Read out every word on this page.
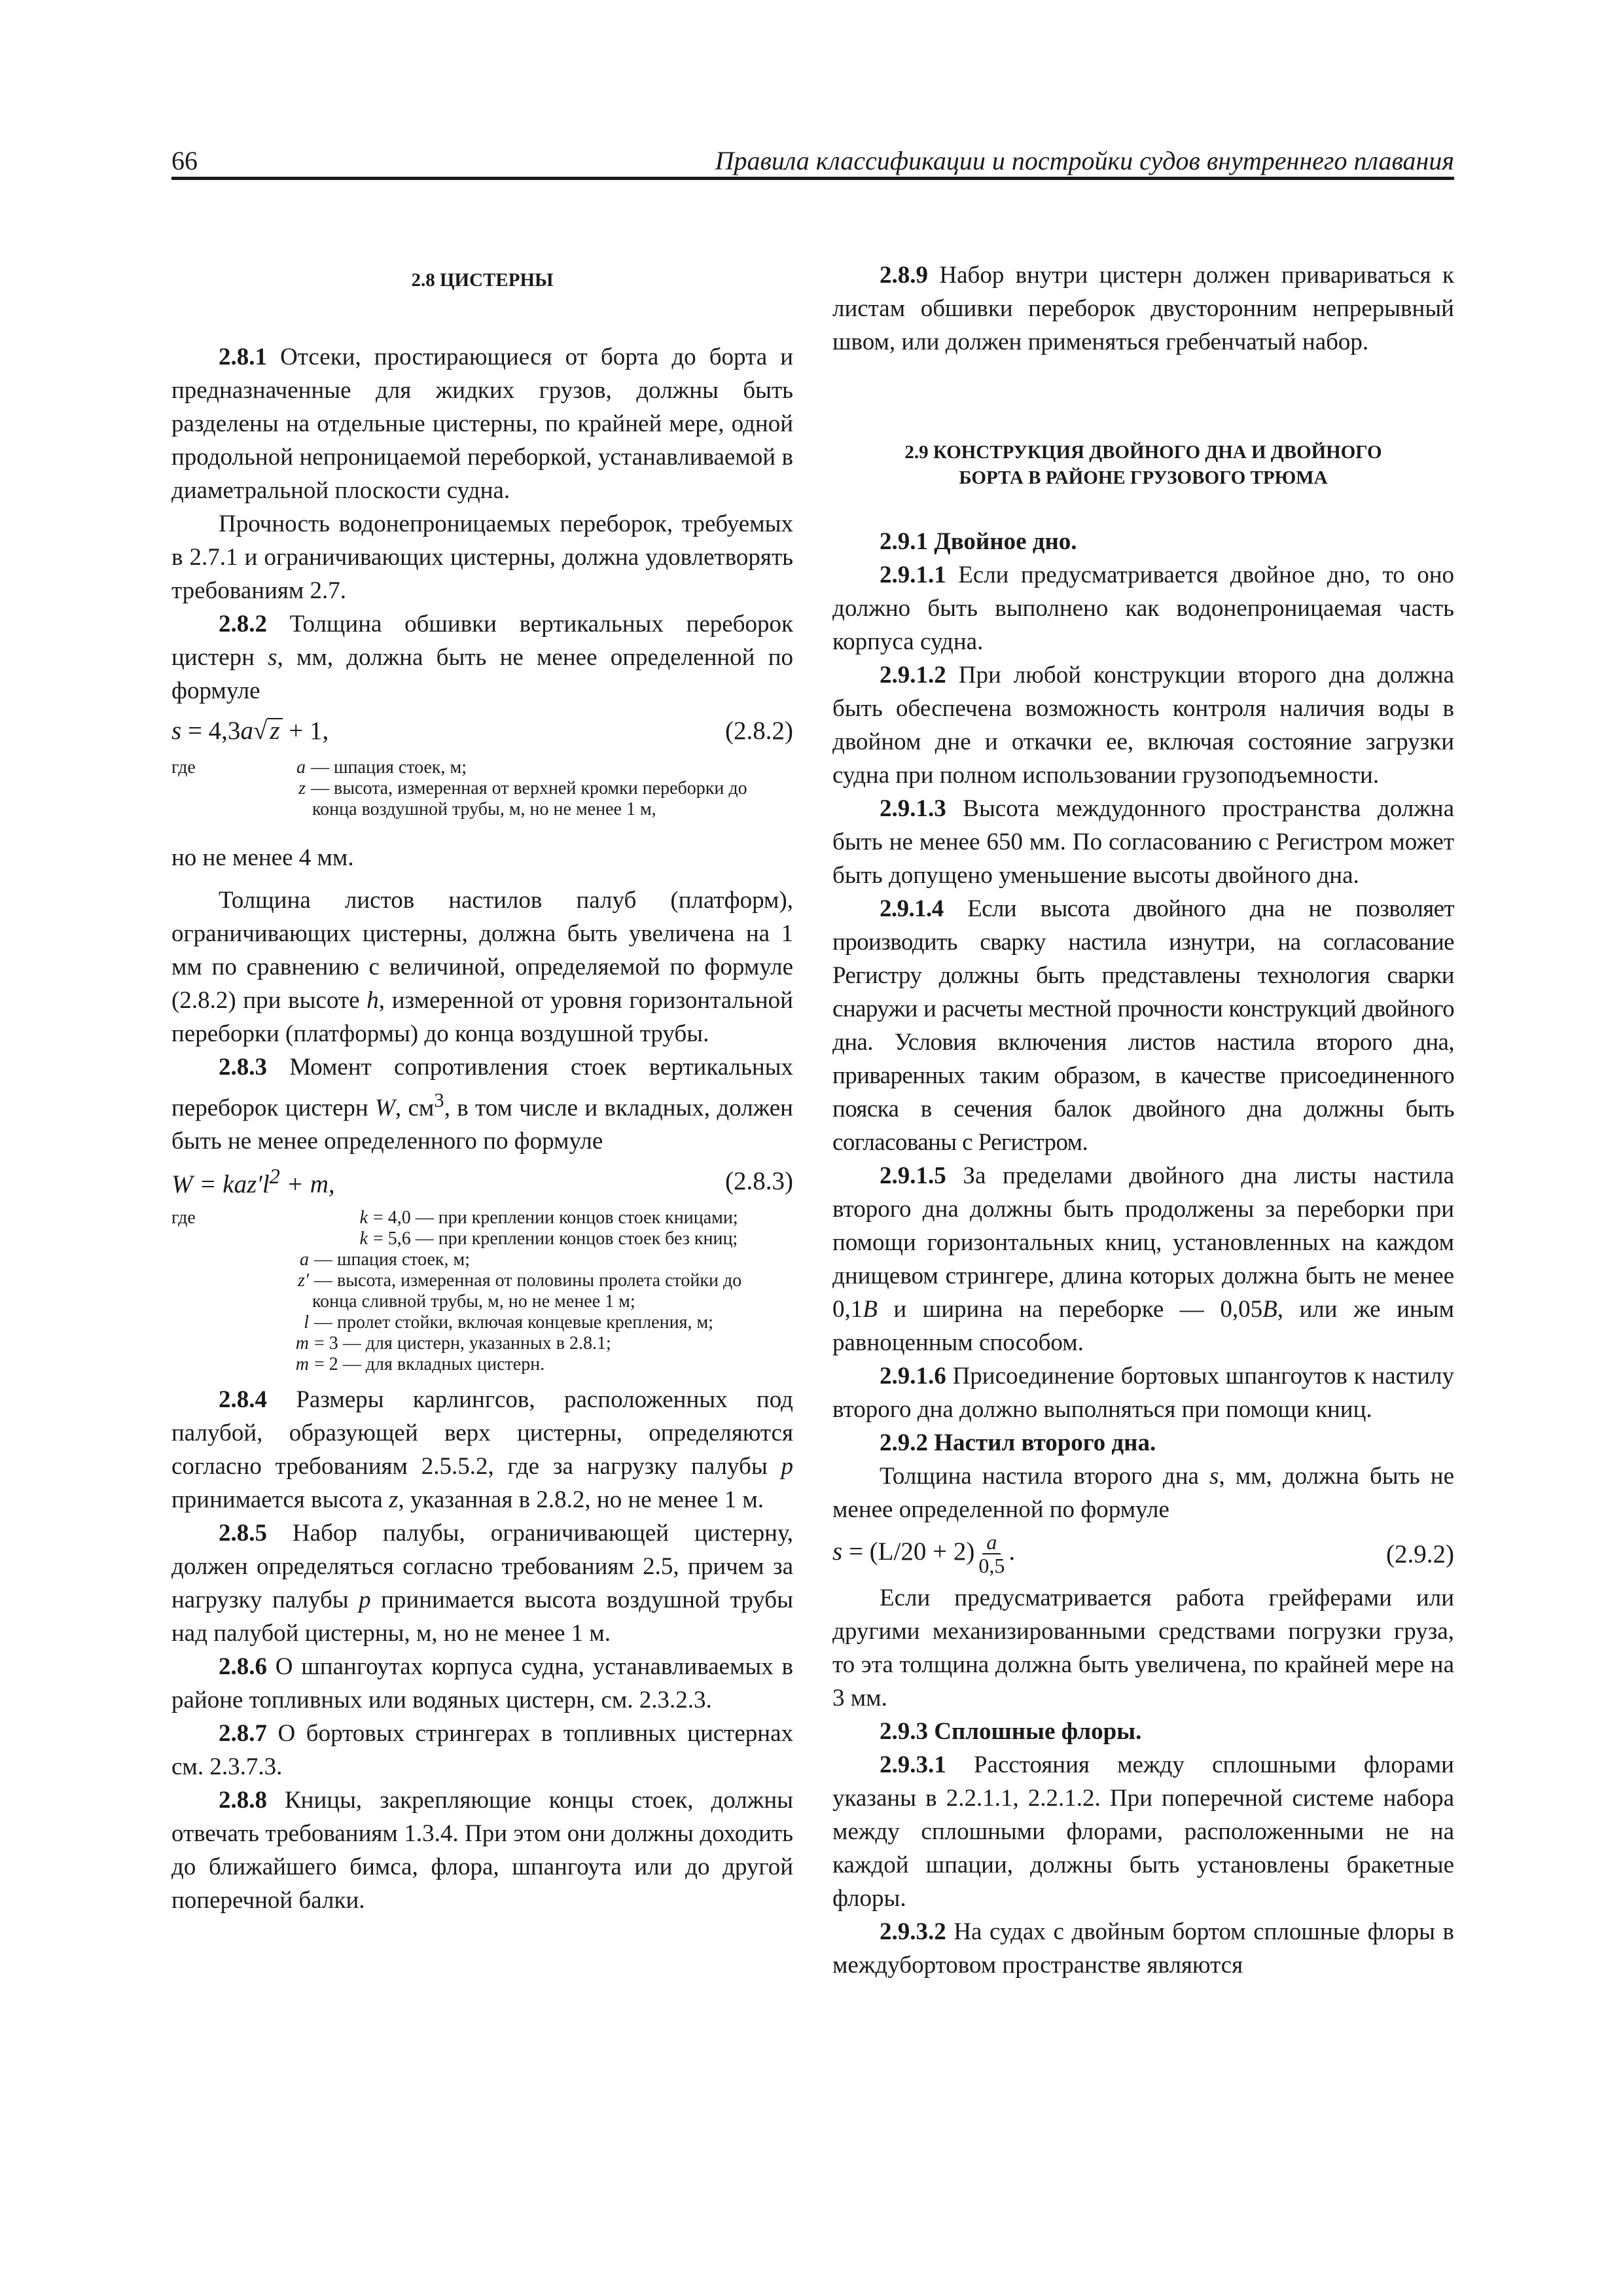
66	Правила классификации и постройки судов внутреннего плавания
2.8 ЦИСТЕРНЫ

2.8.1 Отсеки, простирающиеся от борта до борта и предназначенные для жидких грузов, должны быть разделены на отдельные цистерны, по крайней мере, одной продольной непроницаемой переборкой, устанавливаемой в диаметральной плоскости судна.

Прочность водонепроницаемых переборок, требуемых в 2.7.1 и ограничивающих цистерны, должна удовлетворять требованиям 2.7.

2.8.2 Толщина обшивки вертикальных переборок цистерн s, мм, должна быть не менее определенной по формуле

s = 4,3a√ z + 1,	(2.8.2)
где	a — шпация стоек, м;
z — высота, измеренная от верхней кромки переборки до
конца воздушной трубы, м, но не менее 1 м,

но не менее 4 мм.

Толщина листов настилов палуб (платформ), ограничивающих цистерны, должна быть увеличена на 1 мм по сравнению с величиной, определяемой по формуле (2.8.2) при высоте h, измеренной от уровня горизонтальной переборки (платформы) до конца воздушной трубы.

2.8.3 Момент сопротивления стоек вертикальных переборок цистерн W, $см^3$, в том числе и вкладных, должен быть не менее определенного по формуле

$W = kaz'l^2 + m$,	(2.8.3)
где	k = 4,0 — при креплении концов стоек кницами;
k = 5,6 — при креплении концов стоек без книц;
a — шпация стоек, м;
z′ — высота, измеренная от половины пролета стойки до
конца сливной трубы, м, но не менее 1 м;
l — пролет стойки, включая концевые крепления, м;
m = 3 — для цистерн, указанных в 2.8.1;
m = 2 — для вкладных цистерн.

2.8.4 Размеры карлингсов, расположенных под палубой, образующей верх цистерны, определяются согласно требованиям 2.5.5.2, где за нагрузку палубы p принимается высота z, указанная в 2.8.2, но не менее 1 м.

2.8.5 Набор палубы, ограничивающей цистерну, должен определяться согласно требованиям 2.5, причем за нагрузку палубы p принимается высота воздушной трубы над палубой цистерны, м, но не менее 1 м.

2.8.6 О шпангоутах корпуса судна, устанавливаемых в районе топливных или водяных цистерн, см. 2.3.2.3.

2.8.7 О бортовых стрингерах в топливных цистернах см. 2.3.7.3.

2.8.8 Кницы, закрепляющие концы стоек, должны отвечать требованиям 1.3.4. При этом они должны доходить до ближайшего бимса, флора, шпангоута или до другой поперечной балки.

2.8.9 Набор внутри цистерн должен привариваться к листам обшивки переборок двусторонним непрерывный швом, или должен применяться гребенчатый набор.

2.9 КОНСТРУКЦИЯ ДВОЙНОГО ДНА И ДВОЙНОГО
БОРТА В РАЙОНЕ ГРУЗОВОГО ТРЮМА

2.9.1 Двойное дно.

2.9.1.1 Если предусматривается двойное дно, то оно должно быть выполнено как водонепроницаемая часть корпуса судна.

2.9.1.2 При любой конструкции второго дна должна быть обеспечена возможность контроля наличия воды в двойном дне и откачки ее, включая состояние загрузки судна при полном использовании грузоподъемности.

2.9.1.3 Высота междудонного пространства должна быть не менее 650 мм. По согласованию с Регистром может быть допущено уменьшение высоты двойного дна.

2.9.1.4 Если высота двойного дна не позволяет производить сварку настила изнутри, на согласование Регистру должны быть представлены технология сварки снаружи и расчеты местной прочности конструкций двойного дна. Условия включения листов настила второго дна, приваренных таким образом, в качестве присоединенного пояска в сечения балок двойного дна должны быть согласованы с Регистром.

2.9.1.5 За пределами двойного дна листы настила второго дна должны быть продолжены за переборки при помощи горизонтальных книц, установленных на каждом днищевом стрингере, длина которых должна быть не менее 0,1B и ширина на переборке — 0,05B, или же иным равноценным способом.

2.9.1.6 Присоединение бортовых шпангоутов к настилу второго дна должно выполняться при помощи книц.

2.9.2 Настил второго дна.

Толщина настила второго дна s, мм, должна быть не менее определенной по формуле

$s = (L/20 + 2) \frac{a}{0,5}$ .	(2.9.2)

Если предусматривается работа грейферами или другими механизированными средствами погрузки груза, то эта толщина должна быть увеличена, по крайней мере на 3 мм.

2.9.3 Сплошные флоры.

2.9.3.1 Расстояния между сплошными флорами указаны в 2.2.1.1, 2.2.1.2. При поперечной системе набора между сплошными флорами, расположенными не на каждой шпации, должны быть установлены бракетные флоры.

2.9.3.2 На судах с двойным бортом сплошные флоры в междубортовом пространстве являются
